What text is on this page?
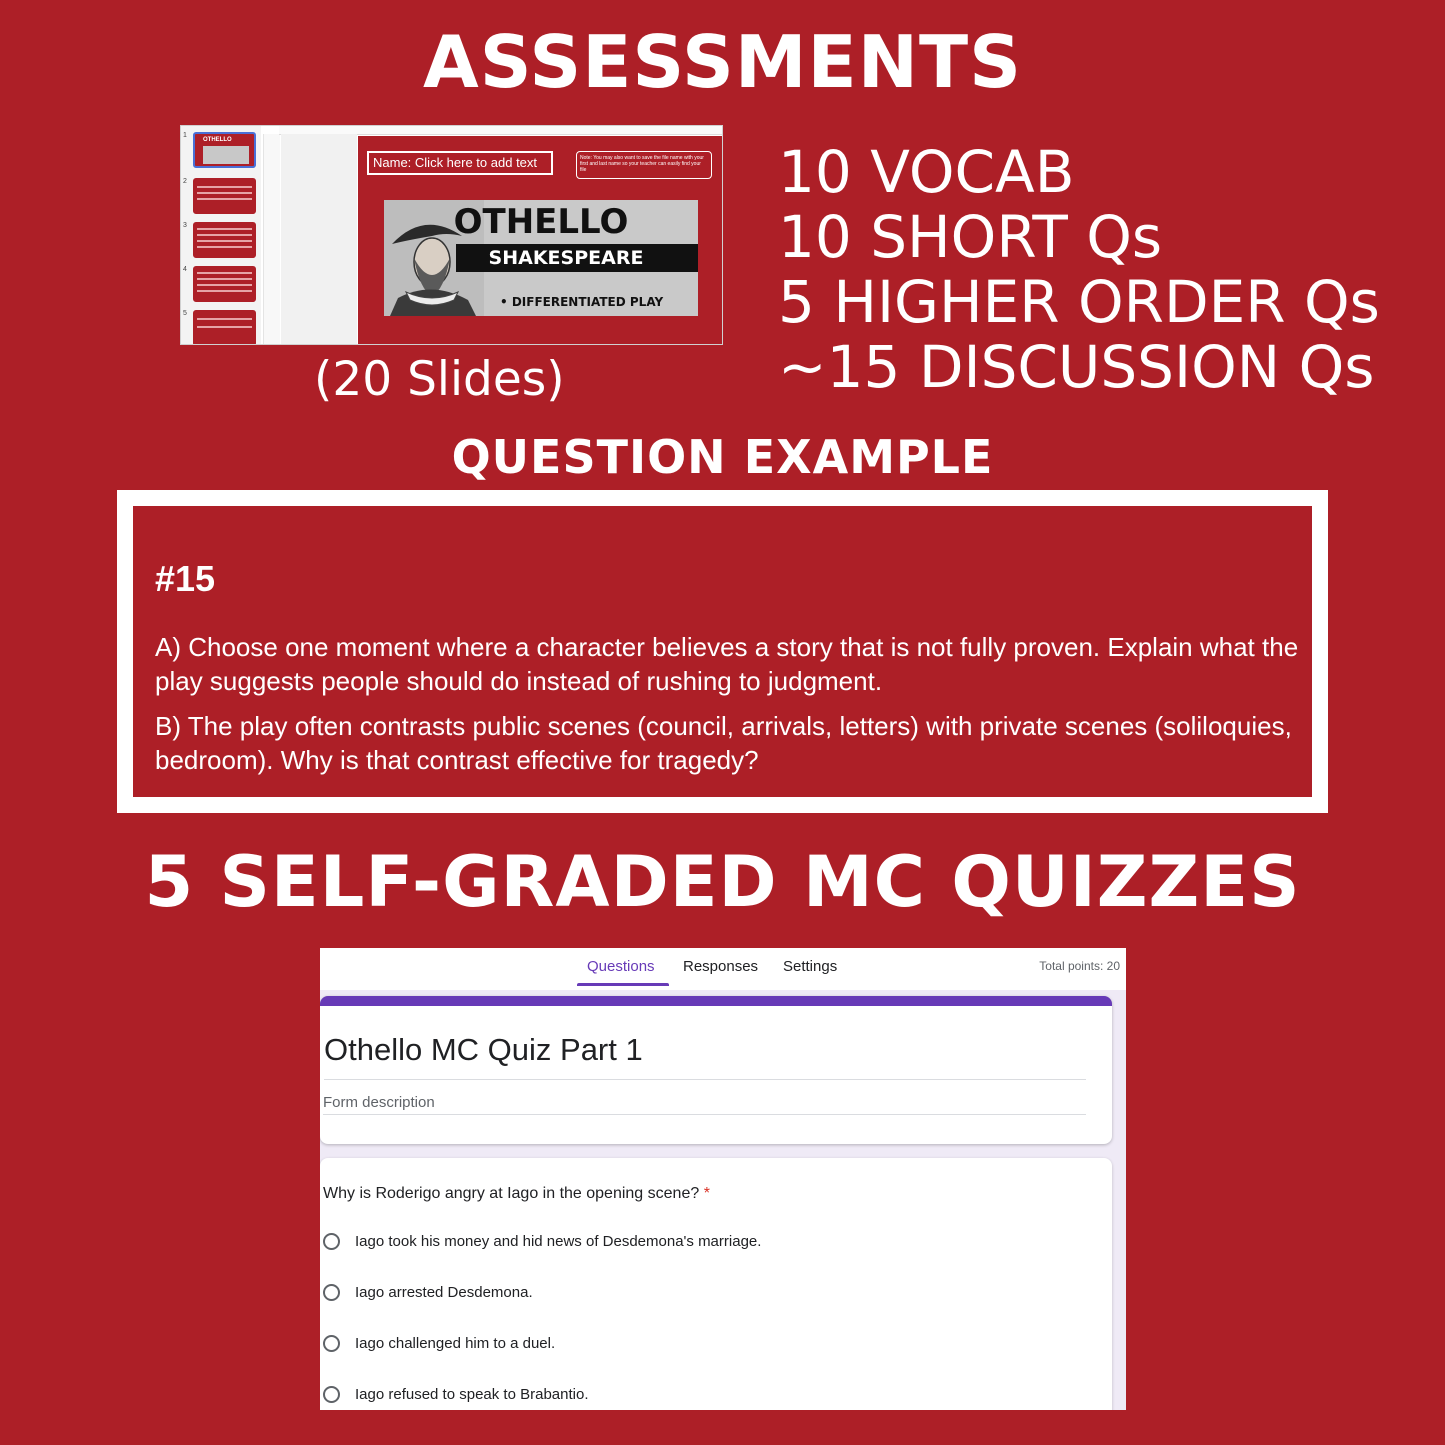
ASSESSMENTS
1
OTHELLO
2
3
4
5
Name: Click here to add text	Note: You may also want to save the file name with your first and last name so your teacher can easily find your file
OTHELLO
SHAKESPEARE
• DIFFERENTIATED PLAY
(20 Slides)
10 VOCAB
10 SHORT Qs
5 HIGHER ORDER Qs
~15 DISCUSSION Qs
QUESTION EXAMPLE
#15
A) Choose one moment where a character believes a story that is not fully proven. Explain what the play suggests people should do instead of rushing to judgment.
B) The play often contrasts public scenes (council, arrivals, letters) with private scenes (soliloquies, bedroom). Why is that contrast effective for tragedy?
5 SELF-GRADED MC QUIZZES
Questions Responses Settings	Total points: 20
Othello MC Quiz Part 1
Form description
Why is Roderigo angry at Iago in the opening scene? *
Iago took his money and hid news of Desdemona's marriage.
Iago arrested Desdemona.
Iago challenged him to a duel.
Iago refused to speak to Brabantio.
